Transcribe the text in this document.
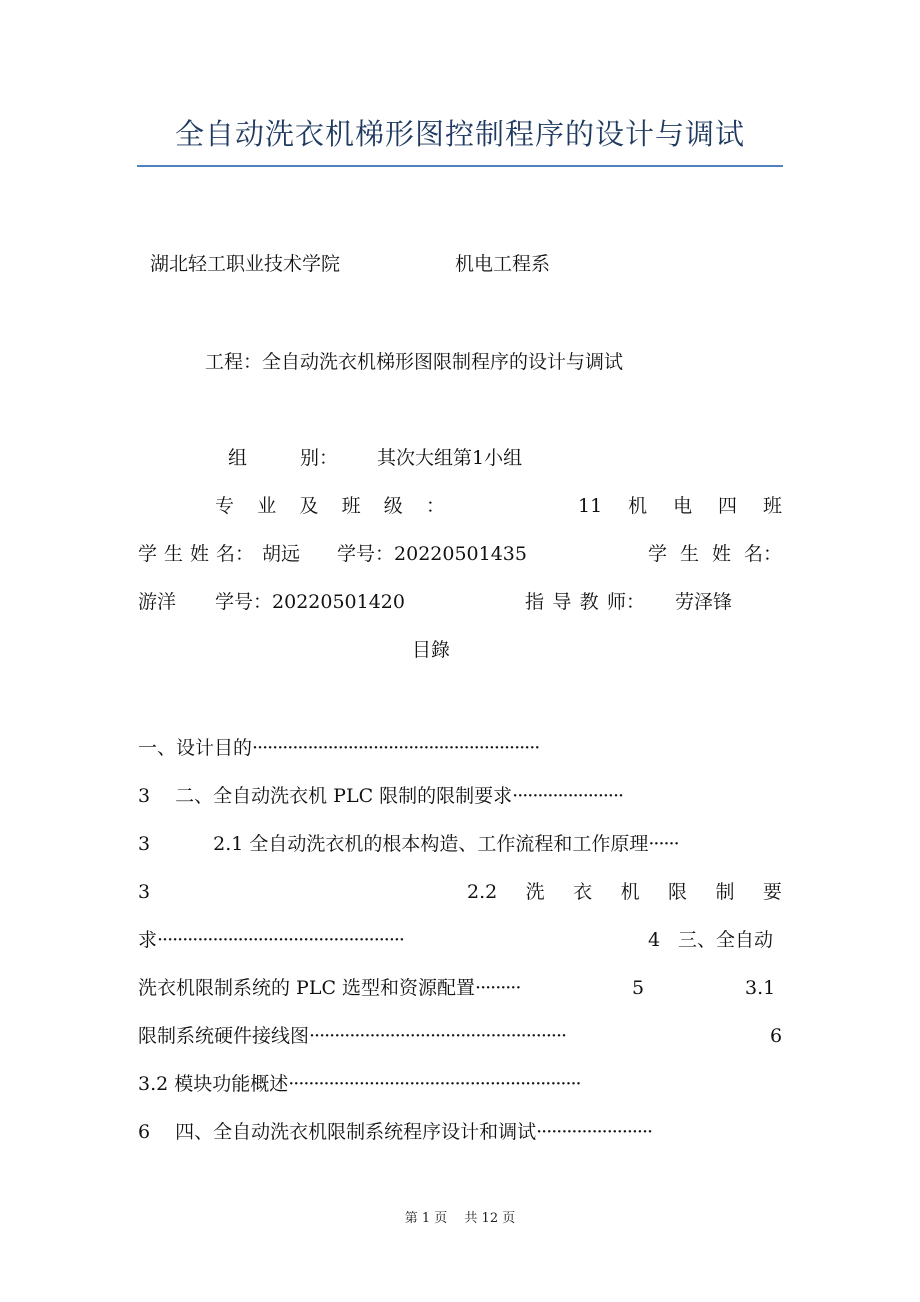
全自动洗衣机梯形图控制程序的设计与调试
湖北轻工职业技术学院	机电工程系
工程：全自动洗衣机梯形图限制程序的设计与调试
组	别： 其次大组第1小组
专 业 及 班 级 ：	11 机 电 四 班
学 生 姓 名： 胡远 学号：20220501435	学 生 姓 名：
游洋 学号：20220501420	指 导 教 师： 劳泽锋
目錄
一、设计目的·························································
3　 二、全自动洗衣机 PLC 限制的限制要求······················
3　　　 2.1 全自动洗衣机的根本构造、工作流程和工作原理······
3	2.2 洗 衣 机 限 制 要
求·················································	4 三、全自动
洗衣机限制系统的 PLC 选型和资源配置·········	5	3.1
限制系统硬件接线图···················································	6
3.2 模块功能概述··························································
6　 四、全自动洗衣机限制系统程序设计和调试·······················
第 1 页　 共 12 页
